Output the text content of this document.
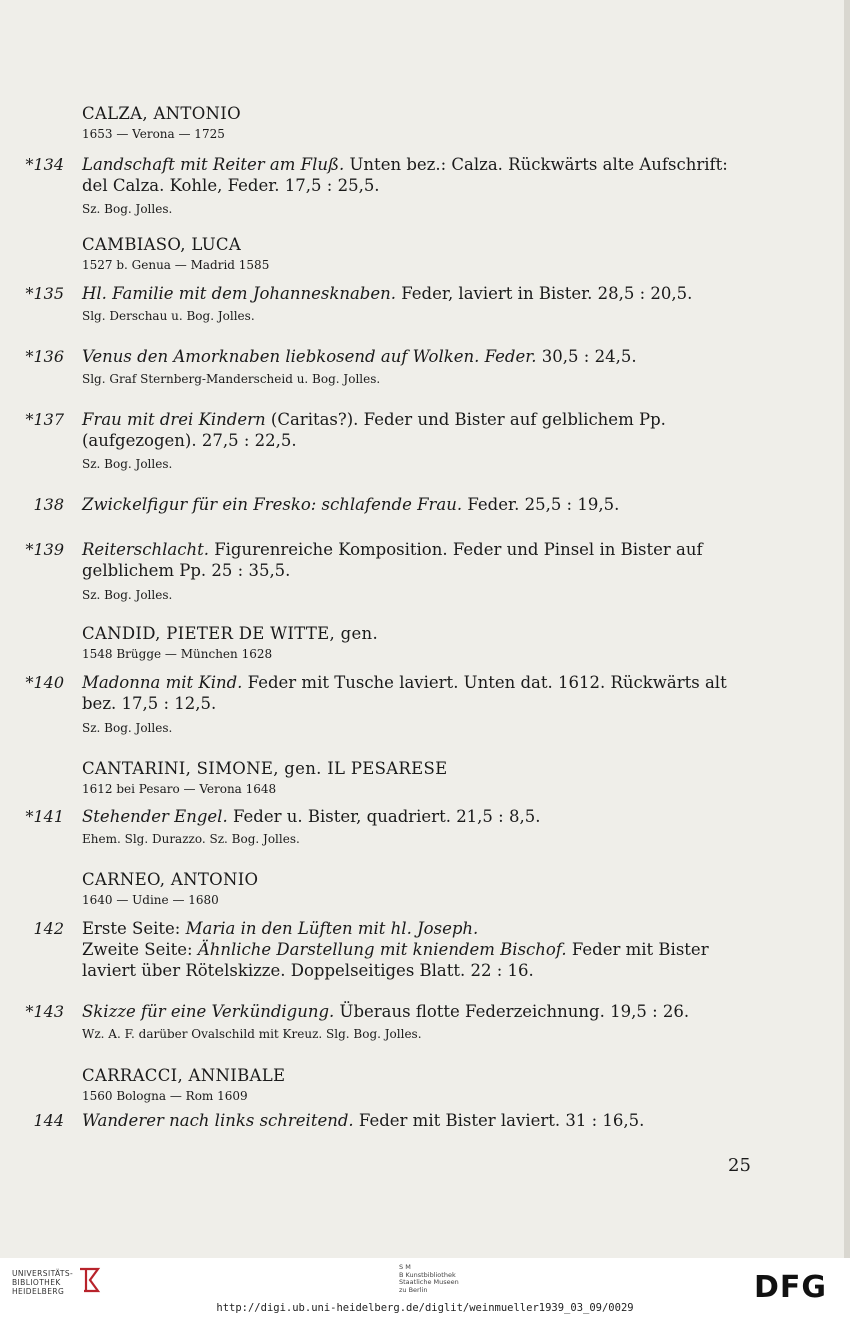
CALZA, ANTONIO
1653 — Verona — 1725
*134 Landschaft mit Reiter am Fluß. Unten bez.: Calza. Rückwärts alte Aufschrift: del Calza. Kohle, Feder. 17,5 : 25,5.

Sz. Bog. Jolles.
CAMBIASO, LUCA
1527 b. Genua — Madrid 1585
*135 Hl. Familie mit dem Johannesknaben. Feder, laviert in Bister. 28,5 : 20,5.

Slg. Derschau u. Bog. Jolles.
*136 Venus den Amorknaben liebkosend auf Wolken. Feder. 30,5 : 24,5.

Slg. Graf Sternberg-Manderscheid u. Bog. Jolles.
*137 Frau mit drei Kindern (Caritas?). Feder und Bister auf gelblichem Pp. (aufgezogen). 27,5 : 22,5.

Sz. Bog. Jolles.
138 Zwickelfigur für ein Fresko: schlafende Frau. Feder. 25,5 : 19,5.

*139 Reiterschlacht. Figurenreiche Komposition. Feder und Pinsel in Bister auf gelblichem Pp. 25 : 35,5.

Sz. Bog. Jolles.
CANDID, PIETER DE WITTE, gen.
1548 Brügge — München 1628
*140 Madonna mit Kind. Feder mit Tusche laviert. Unten dat. 1612. Rückwärts alt bez. 17,5 : 12,5.

Sz. Bog. Jolles.
CANTARINI, SIMONE, gen. IL PESARESE
1612 bei Pesaro — Verona 1648
*141 Stehender Engel. Feder u. Bister, quadriert. 21,5 : 8,5.

Ehem. Slg. Durazzo. Sz. Bog. Jolles.
CARNEO, ANTONIO
1640 — Udine — 1680
142 Erste Seite: Maria in den Lüften mit hl. Joseph.
Zweite Seite: Ähnliche Darstellung mit kniendem Bischof. Feder mit Bister laviert über Rötelskizze. Doppelseitiges Blatt. 22 : 16.

*143 Skizze für eine Verkündigung. Überaus flotte Federzeichnung. 19,5 : 26.

Wz. A. F. darüber Ovalschild mit Kreuz. Slg. Bog. Jolles.
CARRACCI, ANNIBALE
1560 Bologna — Rom 1609
144 Wanderer nach links schreitend. Feder mit Bister laviert. 31 : 16,5.

25
UNIVERSITÄTS-
BIBLIOTHEK
HEIDELBERG
S M
B Kunstbibliothek
Staatliche Museen
zu Berlin	DFG
http://digi.ub.uni-heidelberg.de/diglit/weinmueller1939_03_09/0029
